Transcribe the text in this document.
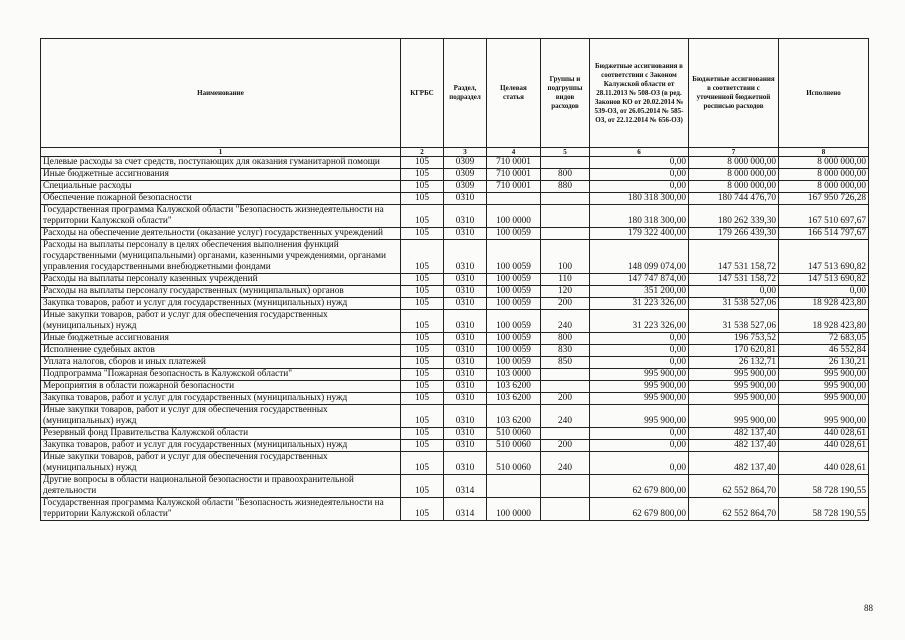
Наименование	КГРБС	Раздел, подраздел	Целевая статья	Группы и подгруппы видов расходов	Бюджетные ассигнования в соответствии с Законом Калужской области от 28.11.2013 № 508-ОЗ (в ред. Законов КО от 20.02.2014 № 539-ОЗ, от 26.05.2014 № 585-ОЗ, от 22.12.2014 № 656-ОЗ)	Бюджетные ассигнования в соответствии с уточненной бюджетной росписью расходов	Исполнено
1	2	3	4	5	6	7	8
Целевые расходы за счет средств, поступающих для оказания гуманитарной помощи	105	0309	710 0001		0,00	8 000 000,00	8 000 000,00
Иные бюджетные ассигнования	105	0309	710 0001	800	0,00	8 000 000,00	8 000 000,00
Специальные расходы	105	0309	710 0001	880	0,00	8 000 000,00	8 000 000,00
Обеспечение пожарной безопасности	105	0310			180 318 300,00	180 744 476,70	167 950 726,28
Государственная программа Калужской области "Безопасность жизнедеятельности на территории Калужской области"	105	0310	100 0000		180 318 300,00	180 262 339,30	167 510 697,67
Расходы на обеспечение деятельности (оказание услуг) государственных учреждений	105	0310	100 0059		179 322 400,00	179 266 439,30	166 514 797,67
Расходы на выплаты персоналу в целях обеспечения выполнения функций государственными (муниципальными) органами, казенными учреждениями, органами управления государственными внебюджетными фондами	105	0310	100 0059	100	148 099 074,00	147 531 158,72	147 513 690,82
Расходы на выплаты персоналу казенных учреждений	105	0310	100 0059	110	147 747 874,00	147 531 158,72	147 513 690,82
Расходы на выплаты персоналу государственных (муниципальных) органов	105	0310	100 0059	120	351 200,00	0,00	0,00
Закупка товаров, работ и услуг для государственных (муниципальных) нужд	105	0310	100 0059	200	31 223 326,00	31 538 527,06	18 928 423,80
Иные закупки товаров, работ и услуг для обеспечения государственных (муниципальных) нужд	105	0310	100 0059	240	31 223 326,00	31 538 527,06	18 928 423,80
Иные бюджетные ассигнования	105	0310	100 0059	800	0,00	196 753,52	72 683,05
Исполнение судебных актов	105	0310	100 0059	830	0,00	170 620,81	46 552,84
Уплата налогов, сборов и иных платежей	105	0310	100 0059	850	0,00	26 132,71	26 130,21
Подпрограмма "Пожарная безопасность в Калужской области"	105	0310	103 0000		995 900,00	995 900,00	995 900,00
Мероприятия в области пожарной безопасности	105	0310	103 6200		995 900,00	995 900,00	995 900,00
Закупка товаров, работ и услуг для государственных (муниципальных) нужд	105	0310	103 6200	200	995 900,00	995 900,00	995 900,00
Иные закупки товаров, работ и услуг для обеспечения государственных (муниципальных) нужд	105	0310	103 6200	240	995 900,00	995 900,00	995 900,00
Резервный фонд Правительства Калужской области	105	0310	510 0060		0,00	482 137,40	440 028,61
Закупка товаров, работ и услуг для государственных (муниципальных) нужд	105	0310	510 0060	200	0,00	482 137,40	440 028,61
Иные закупки товаров, работ и услуг для обеспечения государственных (муниципальных) нужд	105	0310	510 0060	240	0,00	482 137,40	440 028,61
Другие вопросы в области национальной безопасности и правоохранительной деятельности	105	0314			62 679 800,00	62 552 864,70	58 728 190,55
Государственная программа Калужской области "Безопасность жизнедеятельности на территории Калужской области"	105	0314	100 0000		62 679 800,00	62 552 864,70	58 728 190,55
88
